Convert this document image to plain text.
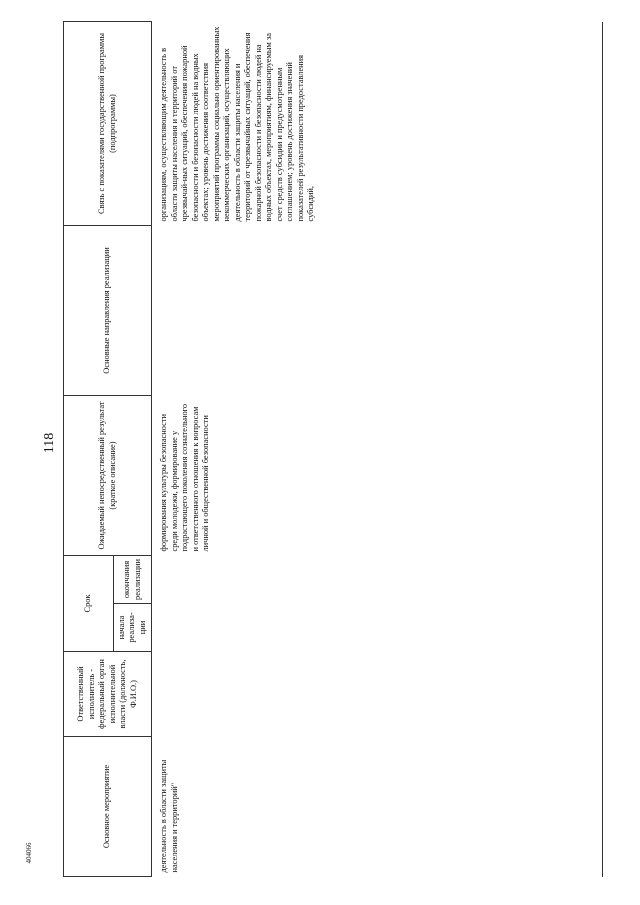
118
404066
Основное мероприятие	Ответственный исполнитель - федеральный орган исполнительной власти (должность, Ф.И.О.)	Срок		Ожидаемый непосредственный результат (краткое описание)	Основные направления реализации	Связь с показателями государственной программы (подпрограммы)
		начала реализа-ции	окончания реализации			
деятельность в области защиты населения и территорий"				формирования культуры безопасности среди молодежи, формирование у подрастающего поколения сознательного и ответственного отношения к вопросам личной и общественной безопасности		организациям, осуществляющим деятельность в области защиты населения и территорий от чрезвычай-ных ситуаций, обеспечения пожарной безопасности и безопасности людей на водных объектах; уровень достижения соответствия мероприятий программы социально ориентированных некоммерческих организаций, осуществляющих деятельность в области защиты населения и территорий от чрезвычайных ситуаций, обеспечения пожарной безопасности и безопасности людей на водных объектах, мероприятиям, финансируемым за счет средств субсидии и предусмотренным соглашением; уровень достижения значений показателей результативности предоставления субсидий,
